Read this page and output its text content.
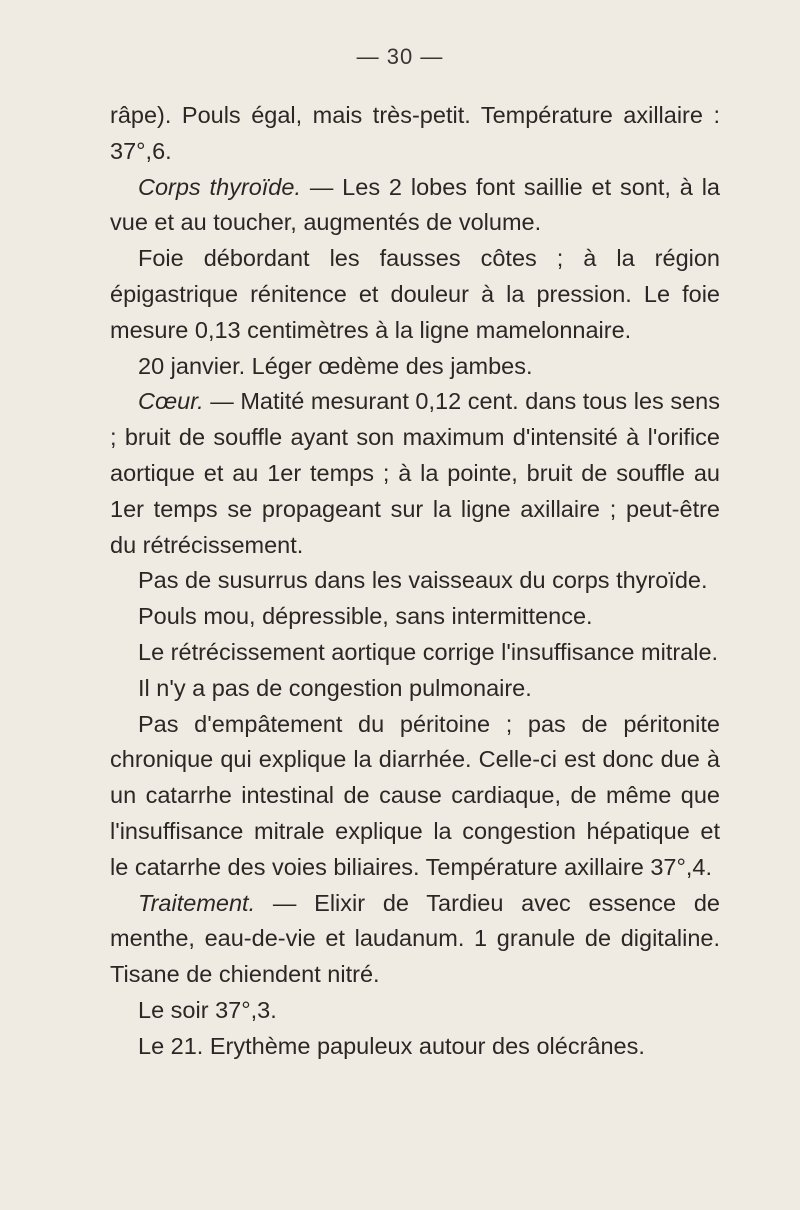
— 30 —

râpe). Pouls égal, mais très-petit. Température axillaire : 37°,6.

Corps thyroïde. — Les 2 lobes font saillie et sont, à la vue et au toucher, augmentés de volume.

Foie débordant les fausses côtes ; à la région épigastrique rénitence et douleur à la pression. Le foie mesure 0,13 centimètres à la ligne mamelonnaire.

20 janvier. Léger œdème des jambes.

Cœur. — Matité mesurant 0,12 cent. dans tous les sens ; bruit de souffle ayant son maximum d'intensité à l'orifice aortique et au 1er temps ; à la pointe, bruit de souffle au 1er temps se propageant sur la ligne axillaire ; peut-être du rétrécissement.

Pas de susurrus dans les vaisseaux du corps thyroïde.

Pouls mou, dépressible, sans intermittence.

Le rétrécissement aortique corrige l'insuffisance mitrale.

Il n'y a pas de congestion pulmonaire.

Pas d'empâtement du péritoine ; pas de péritonite chronique qui explique la diarrhée. Celle-ci est donc due à un catarrhe intestinal de cause cardiaque, de même que l'insuffisance mitrale explique la congestion hépatique et le catarrhe des voies biliaires. Température axillaire 37°,4.

Traitement. — Elixir de Tardieu avec essence de menthe, eau-de-vie et laudanum. 1 granule de digitaline. Tisane de chiendent nitré.

Le soir 37°,3.

Le 21. Erythème papuleux autour des olécrânes.
